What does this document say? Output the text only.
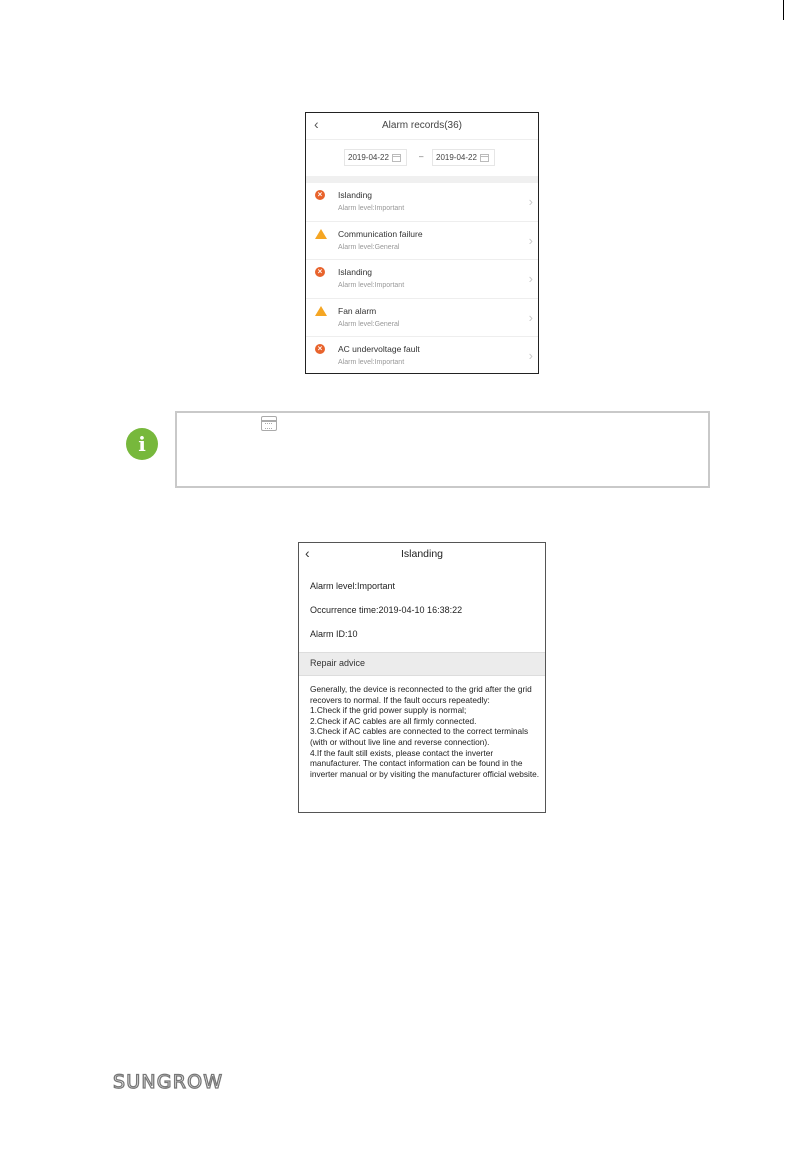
‹	Alarm records(36)
2019-04-22	– 2019-04-22
×	Islanding
Alarm level:Important	›
Communication failure
Alarm level:General	›
×	Islanding
Alarm level:Important	›
Fan alarm
Alarm level:General	›
×	AC undervoltage fault
Alarm level:Important	›
i
‹	Islanding
Alarm level:Important
Occurrence time:2019-04-10 16:38:22
Alarm ID:10
Repair advice
Generally, the device is reconnected to the grid after the grid recovers to normal. If the fault occurs repeatedly:
1.Check if the grid power supply is normal;
2.Check if AC cables are all firmly connected.
3.Check if AC cables are connected to the correct terminals (with or without live line and reverse connection).
4.If the fault still exists, please contact the inverter manufacturer. The contact information can be found in the inverter manual or by visiting the manufacturer official website.
SUNGROW
